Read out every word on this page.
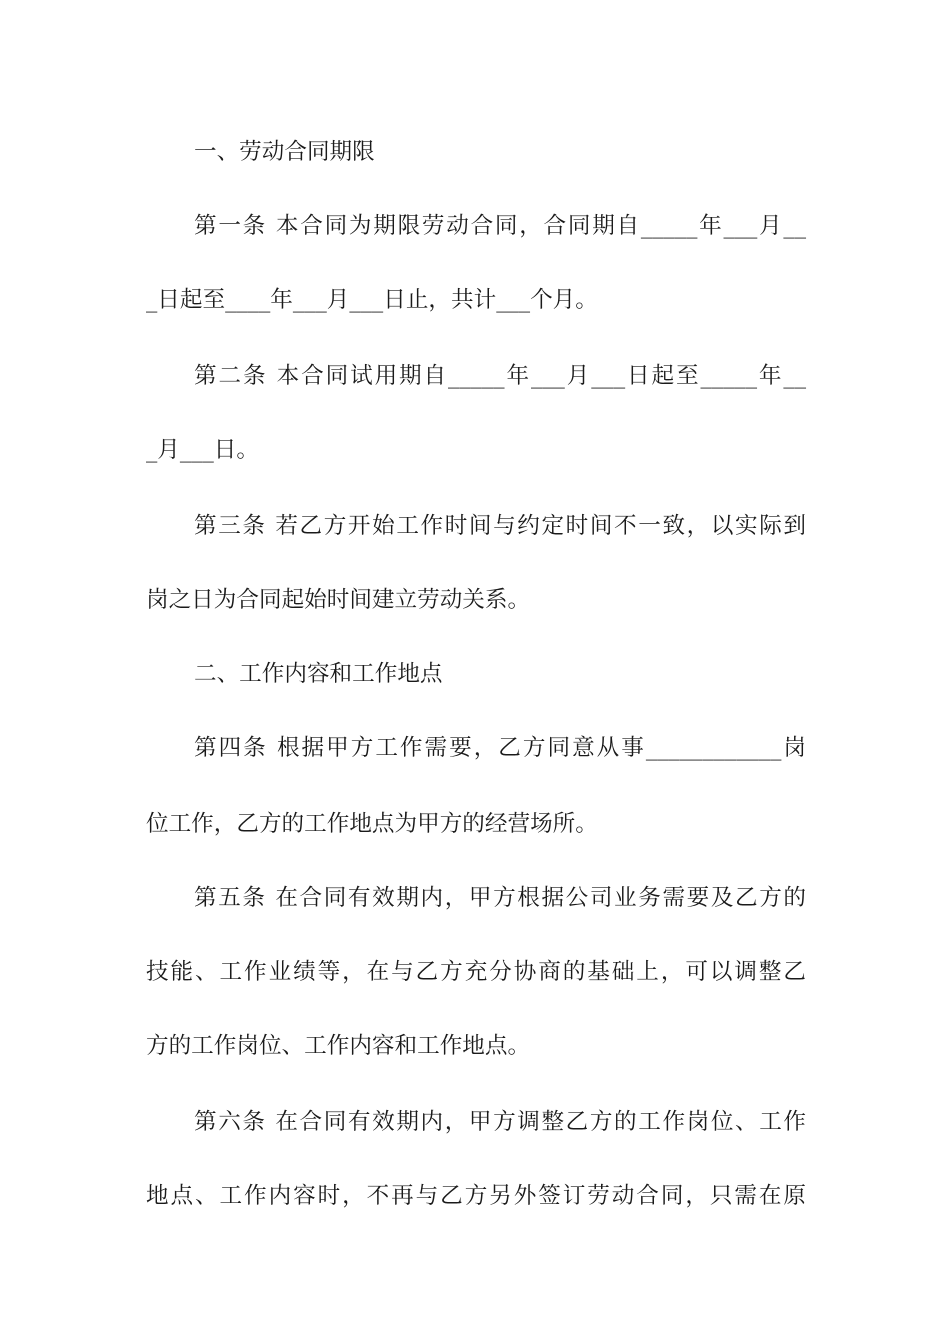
一、劳动合同期限
第一条 本合同为期限劳动合同，合同期自_____年___月__
_日起至____年___月___日止，共计___个月。
第二条 本合同试用期自_____年___月___日起至_____年__
_月___日。
第三条 若乙方开始工作时间与约定时间不一致，以实际到
岗之日为合同起始时间建立劳动关系。
二、工作内容和工作地点
第四条 根据甲方工作需要，乙方同意从事____________岗
位工作，乙方的工作地点为甲方的经营场所。
第五条 在合同有效期内，甲方根据公司业务需要及乙方的
技能、工作业绩等，在与乙方充分协商的基础上，可以调整乙
方的工作岗位、工作内容和工作地点。
第六条 在合同有效期内，甲方调整乙方的工作岗位、工作
地点、工作内容时，不再与乙方另外签订劳动合同，只需在原
